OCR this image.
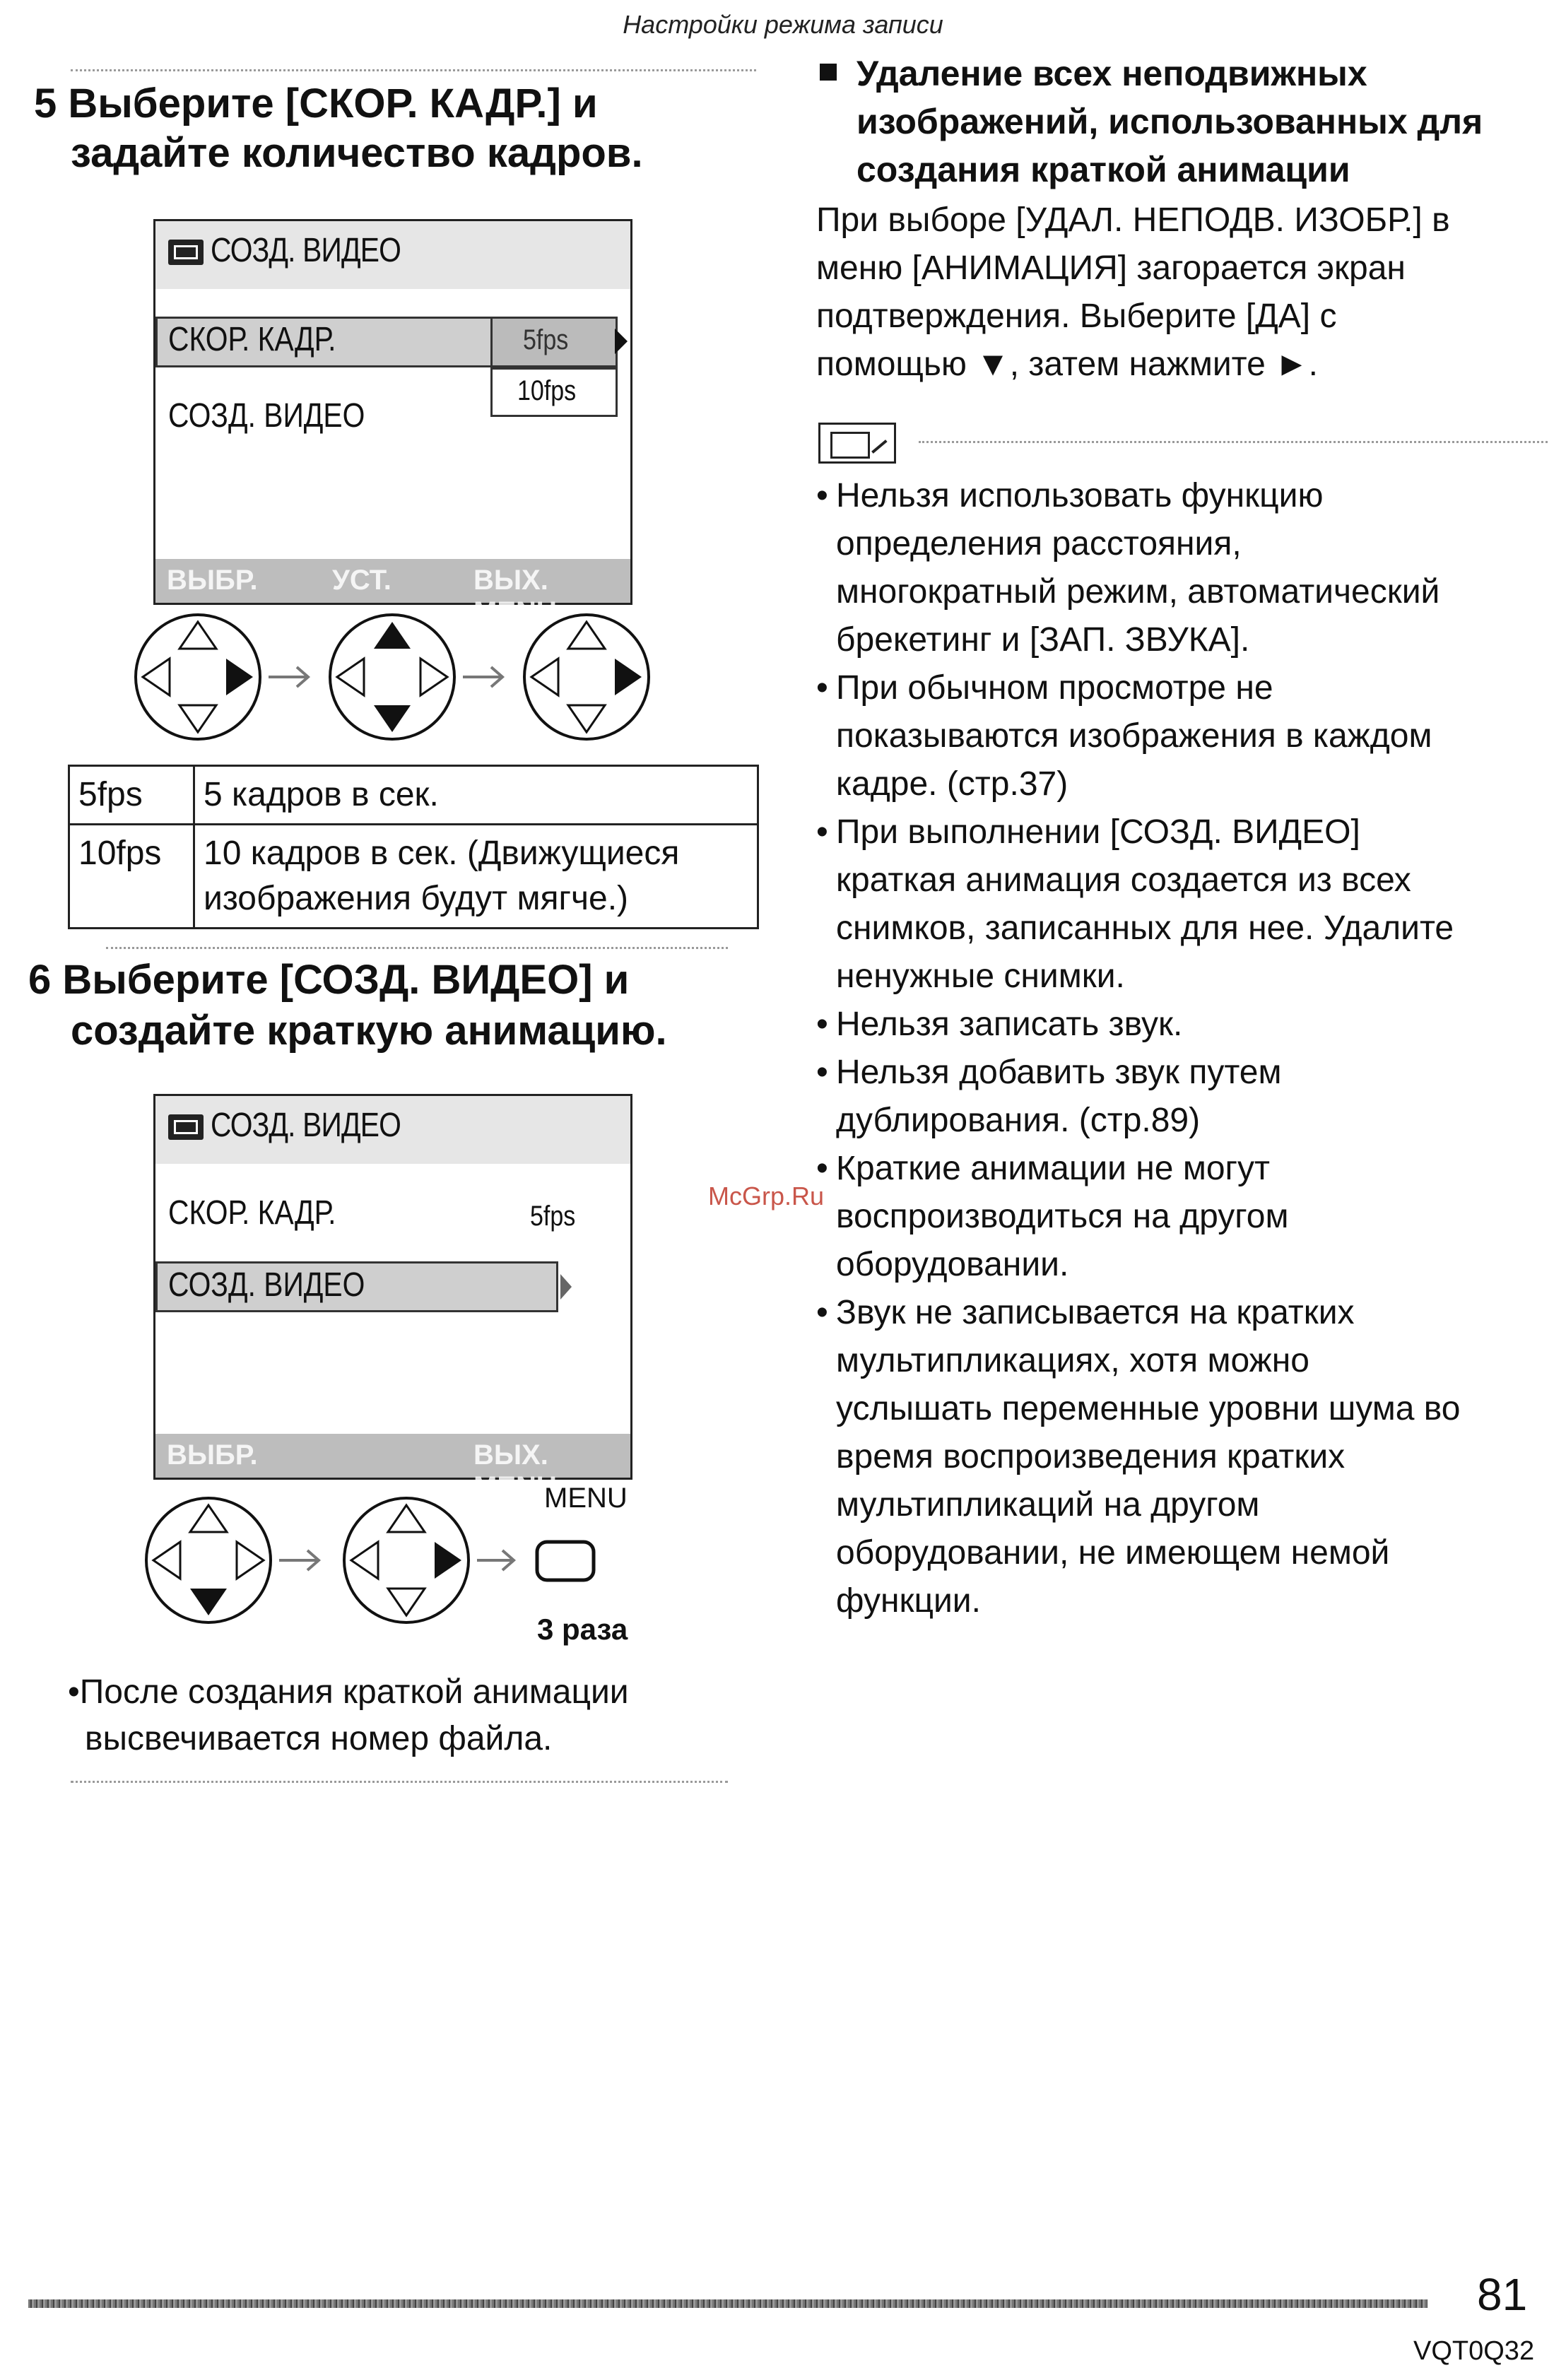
Настройки режима записи
5 Выберите [СКОР. КАДР.] и
задайте количество кадров.
СОЗД. ВИДЕО
СКОР. КАДР.	5fps
10fps
СОЗД. ВИДЕО
ВЫБР.	УСТ.	ВЫХ. MENU
5fps	5 кадров в сек.
10fps	10 кадров в сек. (Движущиеся
изображения будут мягче.)
6 Выберите [СОЗД. ВИДЕО] и
создайте краткую анимацию.
СОЗД. ВИДЕО
СКОР. КАДР.	5fps
СОЗД. ВИДЕО
ВЫБР.	ВЫХ. MENU
MENU
3 раза
•После создания краткой анимации
высвечивается номер файла.
Удаление всех неподвижных
изображений, использованных для
создания краткой анимации
При выборе [УДАЛ. НЕПОДВ. ИЗОБР.] в
меню [АНИМАЦИЯ] загорается экран
подтверждения. Выберите [ДА] с
помощью ▼, затем нажмите ►.
• Нельзя использовать функцию
определения расстояния,
многократный режим, автоматический
брекетинг и [ЗАП. ЗВУКА].
• При обычном просмотре не
показываются изображения в каждом
кадре. (стр.37)
• При выполнении [СОЗД. ВИДЕО]
краткая анимация создается из всех
снимков, записанных для нее. Удалите
ненужные снимки.
• Нельзя записать звук.
• Нельзя добавить звук путем
дублирования. (стр.89)
• Краткие анимации не могут
воспроизводиться на другом
оборудовании.
• Звук не записывается на кратких
мультипликациях, хотя можно
услышать переменные уровни шума во
время воспроизведения кратких
мультипликаций на другом
оборудовании, не имеющем немой
функции.
McGrp.Ru
81
VQT0Q32
